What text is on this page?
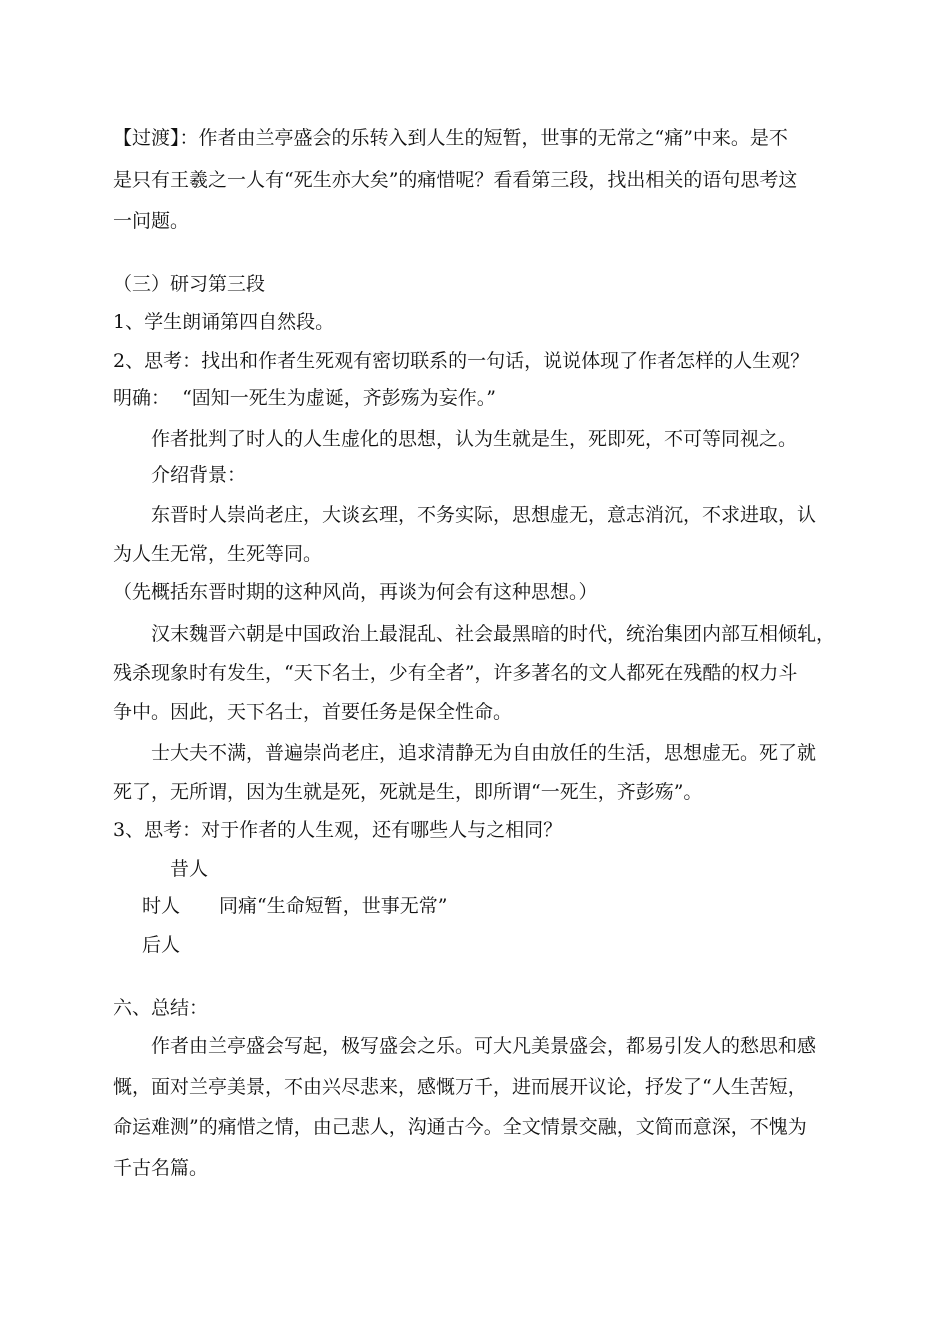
【过渡】：作者由兰亭盛会的乐转入到人生的短暂，世事的无常之“痛”中来。是不
是只有王羲之一人有“死生亦大矣”的痛惜呢？看看第三段，找出相关的语句思考这
一问题。
（三）研习第三段
1、学生朗诵第四自然段。
2、思考：找出和作者生死观有密切联系的一句话，说说体现了作者怎样的人生观？
明确：  “固知一死生为虚诞，齐彭殇为妄作。”
作者批判了时人的人生虚化的思想，认为生就是生，死即死，不可等同视之。
介绍背景：
东晋时人崇尚老庄，大谈玄理，不务实际，思想虚无，意志消沉，不求进取，认
为人生无常，生死等同。
（先概括东晋时期的这种风尚，再谈为何会有这种思想。）
汉末魏晋六朝是中国政治上最混乱、社会最黑暗的时代，统治集团内部互相倾轧，
残杀现象时有发生，“天下名士，少有全者”，许多著名的文人都死在残酷的权力斗
争中。因此，天下名士，首要任务是保全性命。
士大夫不满，普遍崇尚老庄，追求清静无为自由放任的生活，思想虚无。死了就
死了，无所谓，因为生就是死，死就是生，即所谓“一死生，齐彭殇”。
3、思考：对于作者的人生观，还有哪些人与之相同？
昔人
时人 同痛“生命短暂，世事无常”
后人
六、总结：
作者由兰亭盛会写起，极写盛会之乐。可大凡美景盛会，都易引发人的愁思和感
慨，面对兰亭美景，不由兴尽悲来，感慨万千，进而展开议论，抒发了“人生苦短，
命运难测”的痛惜之情，由己悲人，沟通古今。全文情景交融，文简而意深，不愧为
千古名篇。
